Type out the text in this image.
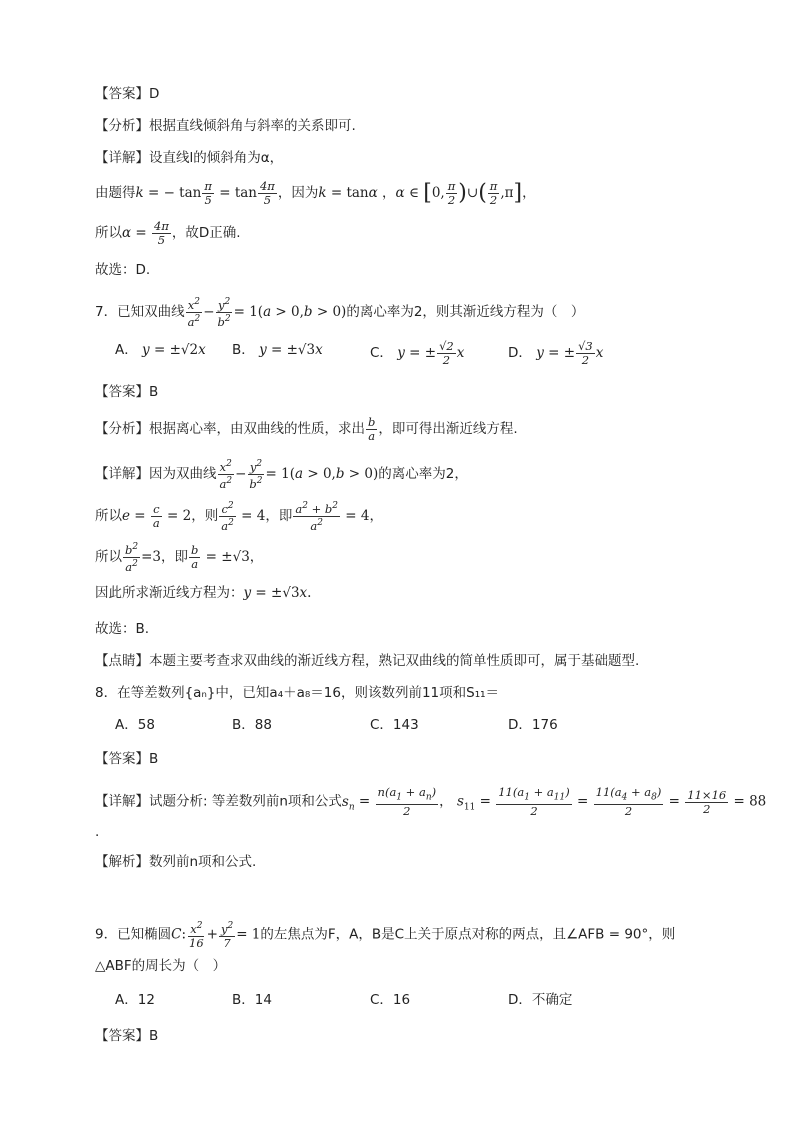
【答案】D
【分析】根据直线倾斜角与斜率的关系即可.
【详解】设直线l的倾斜角为α，
由题得k = − $\tan \frac{\pi}{5} = \tan \frac{4\pi}{5}$ ，因为k = tanα ，α ∈ [0, $\frac{\pi}{2}$ )∪( $\frac{\pi}{2} ,\pi$]，
所以$\alpha = \frac{4\pi}{5}$ ，故D正确.
故选：D.
7．已知双曲线 $\frac{x^2}{a^2} - \frac{y^2}{b^2} = 1(a > 0,b > 0)$的离心率为2，则其渐近线方程为（　）
A． y = ±√2x B． y = ±√3x	C． y = ± $\frac{√2}{2}$ x	D． y = ± $\frac{√3}{2}$ x
【答案】B
【分析】根据离心率，由双曲线的性质，求出 $\frac{b}{a}$ ，即可得出渐近线方程.
【详解】因为双曲线 $\frac{x^2}{a^2} - \frac{y^2}{b^2} = 1(a > 0,b > 0)$的离心率为2，
所以$e = \frac{c}{a} = 2$，则 $\frac{c^2}{a^2} = 4$，即 $\frac{a^2 + b^2}{a^2} = 4$，
所以 $\frac{b^2}{a^2} =3$，即 $\frac{b}{a} = \pm√3$，
因此所求渐近线方程为：y = ±√3x.
故选：B.
【点睛】本题主要考查求双曲线的渐近线方程，熟记双曲线的简单性质即可，属于基础题型.
8．在等差数列{aₙ}中，已知a₄＋a₈＝16，则该数列前11项和S₁₁＝
A．58	B．88	C．143	D．176
【答案】B
【详解】试题分析: 等差数列前n项和公式$s_n = \frac{n(a_1 + a_n)}{2}$ ， $s_{11} = \frac{11(a_1 + a_{11})}{2} = \frac{11(a_4 + a_8)}{2} = \frac{11\times 16}{2} = 88$
.
【解析】数列前n项和公式.
9．已知椭圆C: $\frac{x^2}{16} + \frac{y^2}{7} = 1$的左焦点为F，A，B是C上关于原点对称的两点，且∠AFB = 90°，则
△ABF的周长为（　）
A．12	B．14	C．16	D．不确定
【答案】B
